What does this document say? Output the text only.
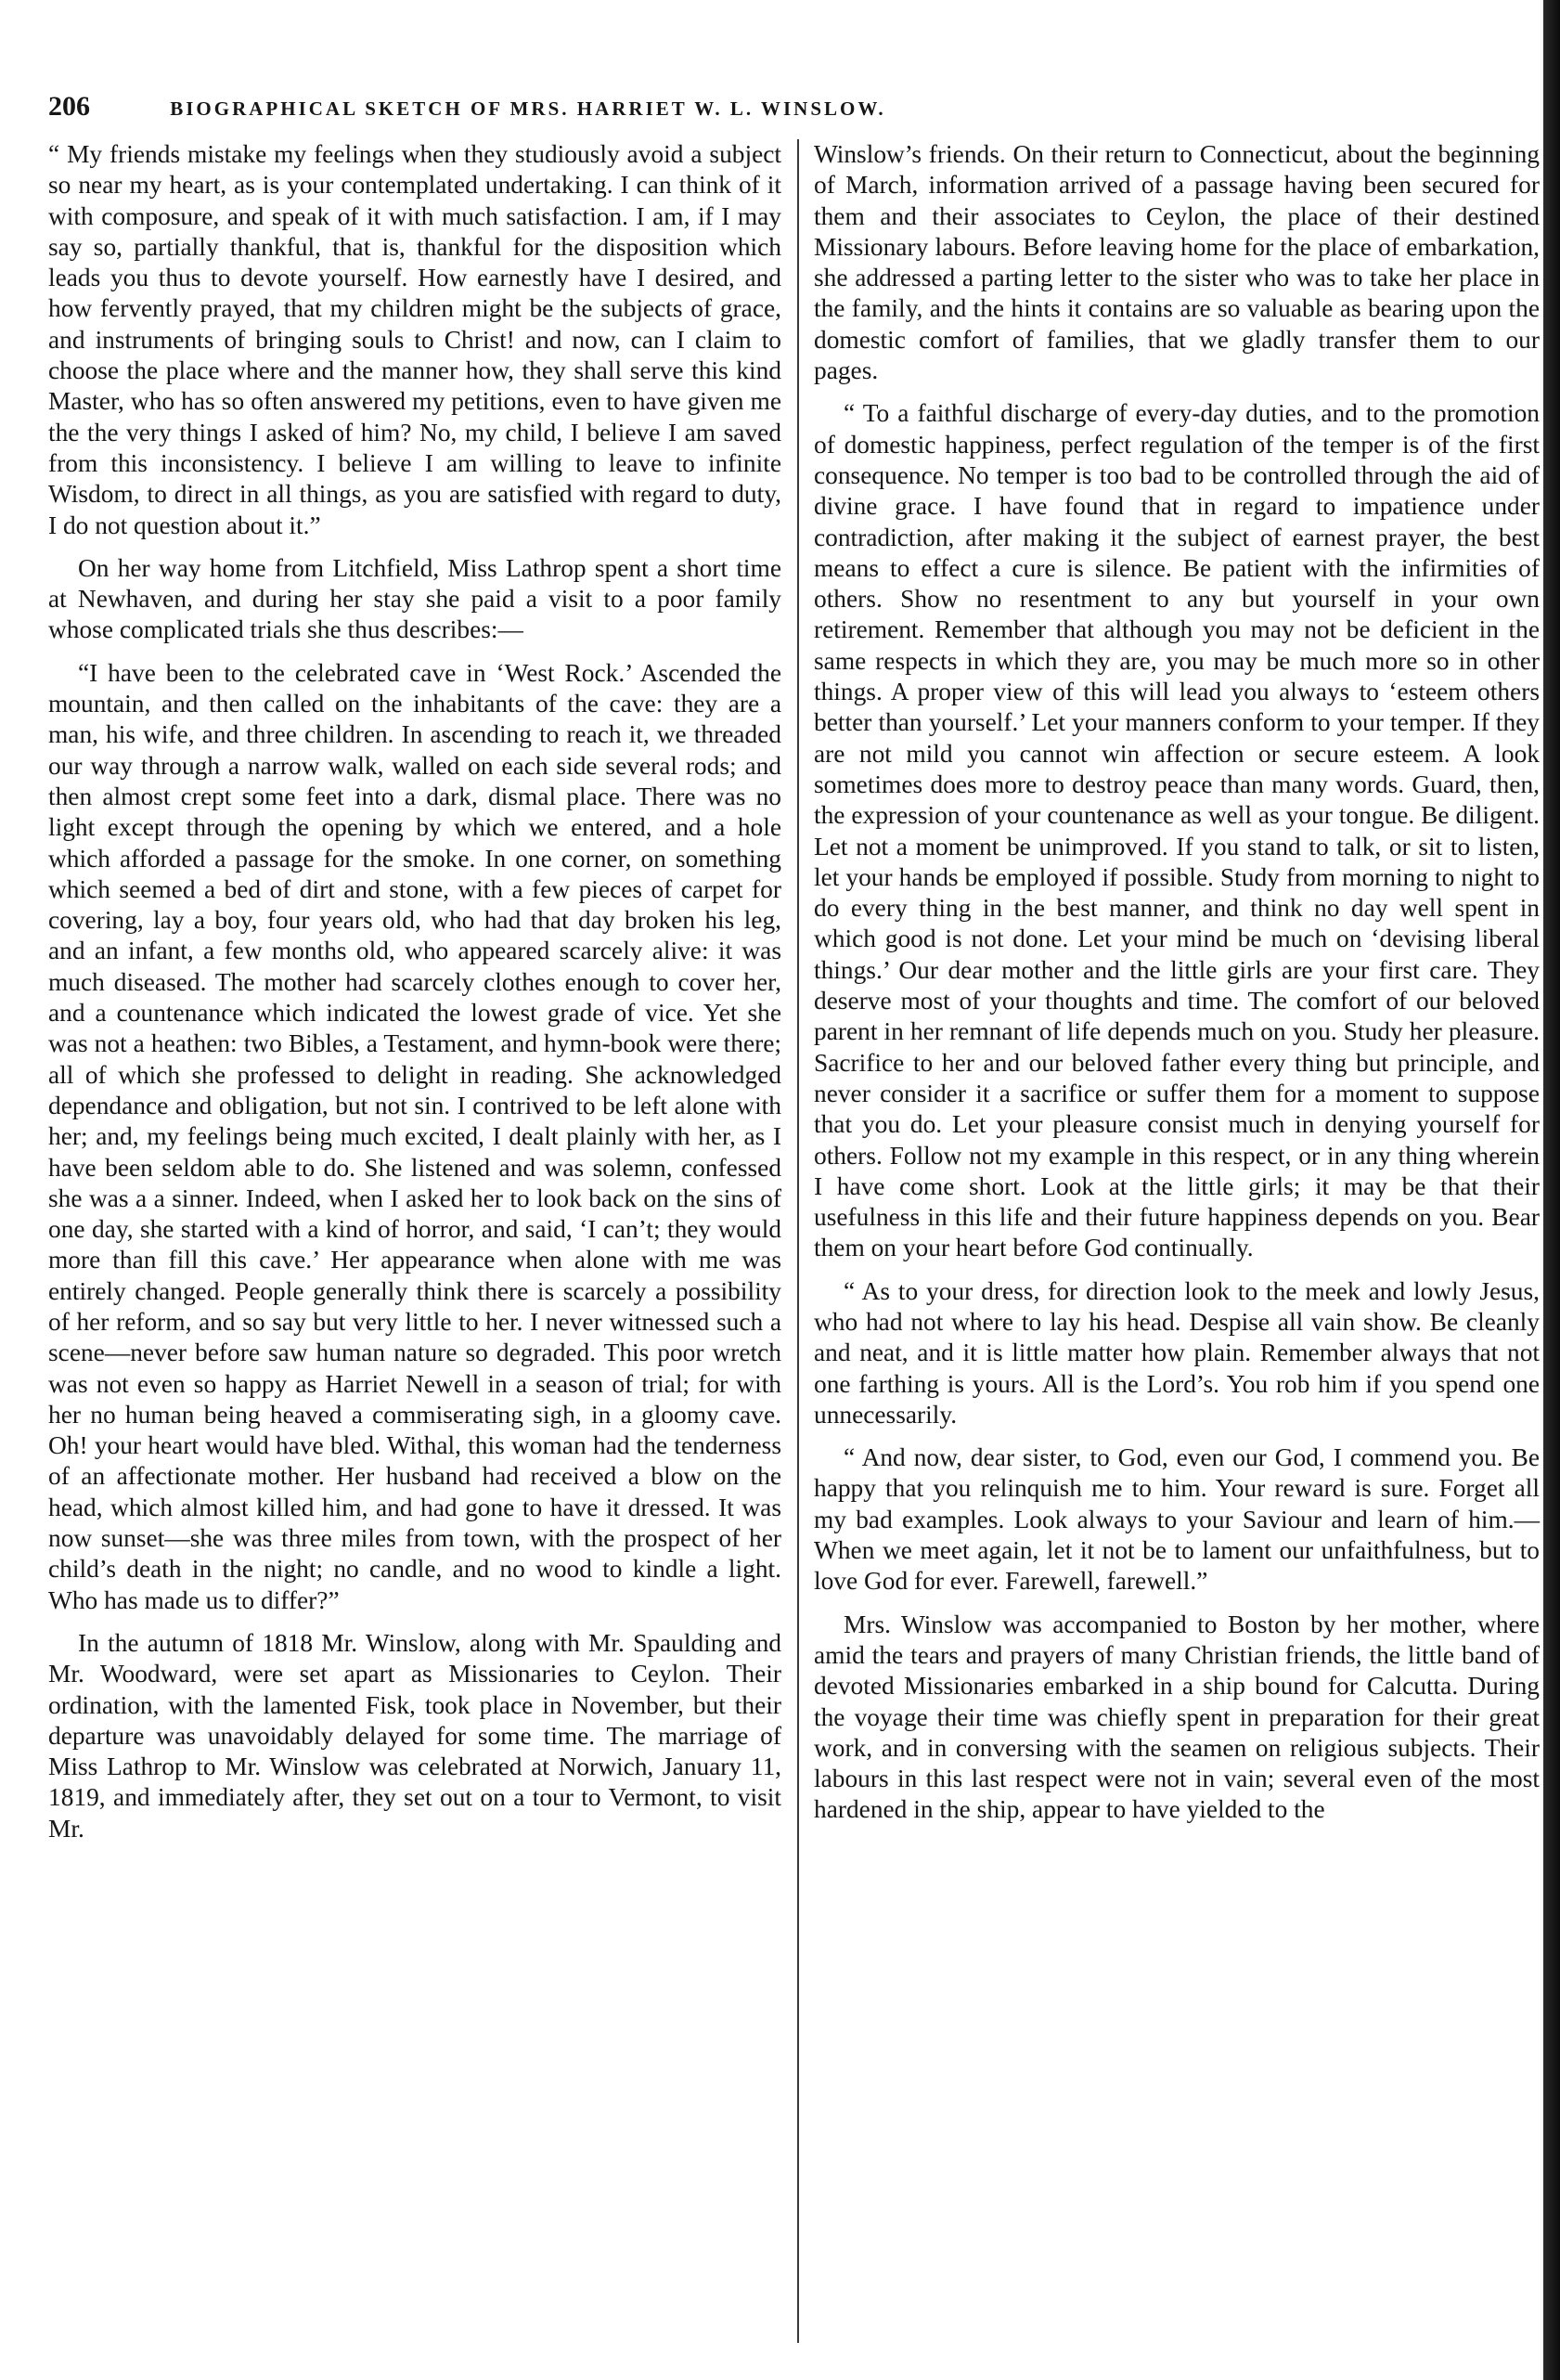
206	BIOGRAPHICAL SKETCH OF MRS. HARRIET W. L. WINSLOW.

“ My friends mistake my feelings when they studiously avoid a subject so near my heart, as is your contemplated undertaking. I can think of it with composure, and speak of it with much satisfaction. I am, if I may say so, partially thankful, that is, thankful for the disposition which leads you thus to devote yourself. How earnestly have I desired, and how fervently prayed, that my children might be the subjects of grace, and instruments of bringing souls to Christ! and now, can I claim to choose the place where and the manner how, they shall serve this kind Master, who has so often answered my petitions, even to have given me the the very things I asked of him? No, my child, I believe I am saved from this inconsistency. I believe I am willing to leave to infinite Wisdom, to direct in all things, as you are satisfied with regard to duty, I do not question about it.”

On her way home from Litchfield, Miss Lathrop spent a short time at Newhaven, and during her stay she paid a visit to a poor family whose complicated trials she thus describes:—

“I have been to the celebrated cave in ‘West Rock.’ Ascended the mountain, and then called on the inhabitants of the cave: they are a man, his wife, and three children. In ascending to reach it, we threaded our way through a narrow walk, walled on each side several rods; and then almost crept some feet into a dark, dismal place. There was no light except through the opening by which we entered, and a hole which afforded a passage for the smoke. In one corner, on something which seemed a bed of dirt and stone, with a few pieces of carpet for covering, lay a boy, four years old, who had that day broken his leg, and an infant, a few months old, who appeared scarcely alive: it was much diseased. The mother had scarcely clothes enough to cover her, and a countenance which indicated the lowest grade of vice. Yet she was not a heathen: two Bibles, a Testament, and hymn-book were there; all of which she professed to delight in reading. She acknowledged dependance and obligation, but not sin. I contrived to be left alone with her; and, my feelings being much excited, I dealt plainly with her, as I have been seldom able to do. She listened and was solemn, confessed she was a a sinner. Indeed, when I asked her to look back on the sins of one day, she started with a kind of horror, and said, ‘I can’t; they would more than fill this cave.’ Her appearance when alone with me was entirely changed. People generally think there is scarcely a possibility of her reform, and so say but very little to her. I never witnessed such a scene—never before saw human nature so degraded. This poor wretch was not even so happy as Harriet Newell in a season of trial; for with her no human being heaved a commiserating sigh, in a gloomy cave. Oh! your heart would have bled. Withal, this woman had the tenderness of an affectionate mother. Her husband had received a blow on the head, which almost killed him, and had gone to have it dressed. It was now sunset—she was three miles from town, with the prospect of her child’s death in the night; no candle, and no wood to kindle a light. Who has made us to differ?”

In the autumn of 1818 Mr. Winslow, along with Mr. Spaulding and Mr. Woodward, were set apart as Missionaries to Ceylon. Their ordination, with the lamented Fisk, took place in November, but their departure was unavoidably delayed for some time. The marriage of Miss Lathrop to Mr. Winslow was celebrated at Norwich, January 11, 1819, and immediately after, they set out on a tour to Vermont, to visit Mr.

Winslow’s friends. On their return to Connecticut, about the beginning of March, information arrived of a passage having been secured for them and their associates to Ceylon, the place of their destined Missionary labours. Before leaving home for the place of embarkation, she addressed a parting letter to the sister who was to take her place in the family, and the hints it contains are so valuable as bearing upon the domestic comfort of families, that we gladly transfer them to our pages.

“ To a faithful discharge of every-day duties, and to the promotion of domestic happiness, perfect regulation of the temper is of the first consequence. No temper is too bad to be controlled through the aid of divine grace. I have found that in regard to impatience under contradiction, after making it the subject of earnest prayer, the best means to effect a cure is silence. Be patient with the infirmities of others. Show no resentment to any but yourself in your own retirement. Remember that although you may not be deficient in the same respects in which they are, you may be much more so in other things. A proper view of this will lead you always to ‘esteem others better than yourself.’ Let your manners conform to your temper. If they are not mild you cannot win affection or secure esteem. A look sometimes does more to destroy peace than many words. Guard, then, the expression of your countenance as well as your tongue. Be diligent. Let not a moment be unimproved. If you stand to talk, or sit to listen, let your hands be employed if possible. Study from morning to night to do every thing in the best manner, and think no day well spent in which good is not done. Let your mind be much on ‘devising liberal things.’ Our dear mother and the little girls are your first care. They deserve most of your thoughts and time. The comfort of our beloved parent in her remnant of life depends much on you. Study her pleasure. Sacrifice to her and our beloved father every thing but principle, and never consider it a sacrifice or suffer them for a moment to suppose that you do. Let your pleasure consist much in denying yourself for others. Follow not my example in this respect, or in any thing wherein I have come short. Look at the little girls; it may be that their usefulness in this life and their future happiness depends on you. Bear them on your heart before God continually.

“ As to your dress, for direction look to the meek and lowly Jesus, who had not where to lay his head. Despise all vain show. Be cleanly and neat, and it is little matter how plain. Remember always that not one farthing is yours. All is the Lord’s. You rob him if you spend one unnecessarily.

“ And now, dear sister, to God, even our God, I commend you. Be happy that you relinquish me to him. Your reward is sure. Forget all my bad examples. Look always to your Saviour and learn of him.— When we meet again, let it not be to lament our unfaithfulness, but to love God for ever. Farewell, farewell.”

Mrs. Winslow was accompanied to Boston by her mother, where amid the tears and prayers of many Christian friends, the little band of devoted Missionaries embarked in a ship bound for Calcutta. During the voyage their time was chiefly spent in preparation for their great work, and in conversing with the seamen on religious subjects. Their labours in this last respect were not in vain; several even of the most hardened in the ship, appear to have yielded to the
